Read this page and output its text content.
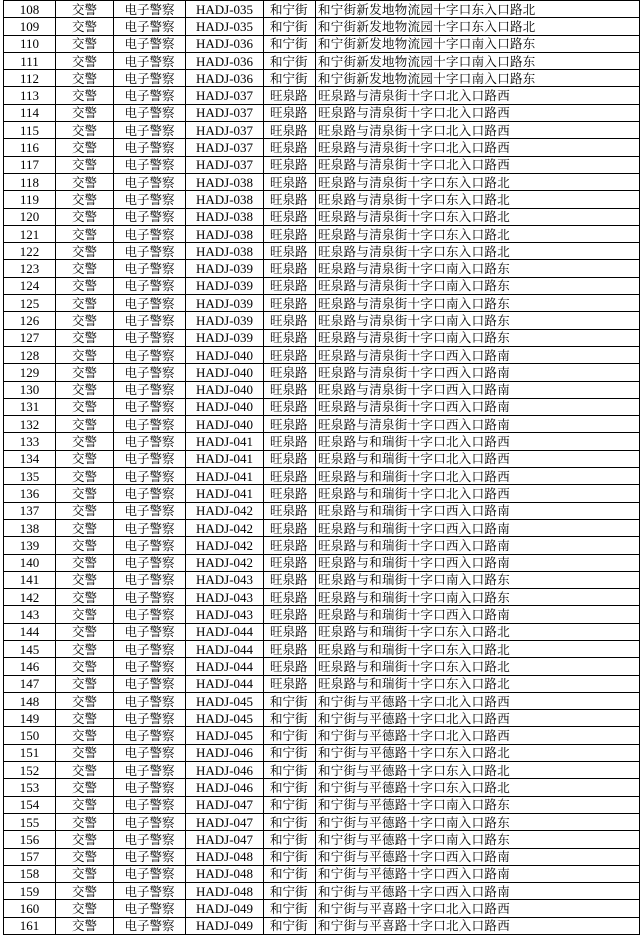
108	交警	电子警察	HADJ-035	和宁街	和宁街新发地物流园十字口东入口路北
109	交警	电子警察	HADJ-035	和宁街	和宁街新发地物流园十字口东入口路北
110	交警	电子警察	HADJ-036	和宁街	和宁街新发地物流园十字口南入口路东
111	交警	电子警察	HADJ-036	和宁街	和宁街新发地物流园十字口南入口路东
112	交警	电子警察	HADJ-036	和宁街	和宁街新发地物流园十字口南入口路东
113	交警	电子警察	HADJ-037	旺泉路	旺泉路与清泉街十字口北入口路西
114	交警	电子警察	HADJ-037	旺泉路	旺泉路与清泉街十字口北入口路西
115	交警	电子警察	HADJ-037	旺泉路	旺泉路与清泉街十字口北入口路西
116	交警	电子警察	HADJ-037	旺泉路	旺泉路与清泉街十字口北入口路西
117	交警	电子警察	HADJ-037	旺泉路	旺泉路与清泉街十字口北入口路西
118	交警	电子警察	HADJ-038	旺泉路	旺泉路与清泉街十字口东入口路北
119	交警	电子警察	HADJ-038	旺泉路	旺泉路与清泉街十字口东入口路北
120	交警	电子警察	HADJ-038	旺泉路	旺泉路与清泉街十字口东入口路北
121	交警	电子警察	HADJ-038	旺泉路	旺泉路与清泉街十字口东入口路北
122	交警	电子警察	HADJ-038	旺泉路	旺泉路与清泉街十字口东入口路北
123	交警	电子警察	HADJ-039	旺泉路	旺泉路与清泉街十字口南入口路东
124	交警	电子警察	HADJ-039	旺泉路	旺泉路与清泉街十字口南入口路东
125	交警	电子警察	HADJ-039	旺泉路	旺泉路与清泉街十字口南入口路东
126	交警	电子警察	HADJ-039	旺泉路	旺泉路与清泉街十字口南入口路东
127	交警	电子警察	HADJ-039	旺泉路	旺泉路与清泉街十字口南入口路东
128	交警	电子警察	HADJ-040	旺泉路	旺泉路与清泉街十字口西入口路南
129	交警	电子警察	HADJ-040	旺泉路	旺泉路与清泉街十字口西入口路南
130	交警	电子警察	HADJ-040	旺泉路	旺泉路与清泉街十字口西入口路南
131	交警	电子警察	HADJ-040	旺泉路	旺泉路与清泉街十字口西入口路南
132	交警	电子警察	HADJ-040	旺泉路	旺泉路与清泉街十字口西入口路南
133	交警	电子警察	HADJ-041	旺泉路	旺泉路与和瑞街十字口北入口路西
134	交警	电子警察	HADJ-041	旺泉路	旺泉路与和瑞街十字口北入口路西
135	交警	电子警察	HADJ-041	旺泉路	旺泉路与和瑞街十字口北入口路西
136	交警	电子警察	HADJ-041	旺泉路	旺泉路与和瑞街十字口北入口路西
137	交警	电子警察	HADJ-042	旺泉路	旺泉路与和瑞街十字口西入口路南
138	交警	电子警察	HADJ-042	旺泉路	旺泉路与和瑞街十字口西入口路南
139	交警	电子警察	HADJ-042	旺泉路	旺泉路与和瑞街十字口西入口路南
140	交警	电子警察	HADJ-042	旺泉路	旺泉路与和瑞街十字口西入口路南
141	交警	电子警察	HADJ-043	旺泉路	旺泉路与和瑞街十字口南入口路东
142	交警	电子警察	HADJ-043	旺泉路	旺泉路与和瑞街十字口南入口路东
143	交警	电子警察	HADJ-043	旺泉路	旺泉路与和瑞街十字口西入口路南
144	交警	电子警察	HADJ-044	旺泉路	旺泉路与和瑞街十字口东入口路北
145	交警	电子警察	HADJ-044	旺泉路	旺泉路与和瑞街十字口东入口路北
146	交警	电子警察	HADJ-044	旺泉路	旺泉路与和瑞街十字口东入口路北
147	交警	电子警察	HADJ-044	旺泉路	旺泉路与和瑞街十字口东入口路北
148	交警	电子警察	HADJ-045	和宁街	和宁街与平德路十字口北入口路西
149	交警	电子警察	HADJ-045	和宁街	和宁街与平德路十字口北入口路西
150	交警	电子警察	HADJ-045	和宁街	和宁街与平德路十字口北入口路西
151	交警	电子警察	HADJ-046	和宁街	和宁街与平德路十字口东入口路北
152	交警	电子警察	HADJ-046	和宁街	和宁街与平德路十字口东入口路北
153	交警	电子警察	HADJ-046	和宁街	和宁街与平德路十字口东入口路北
154	交警	电子警察	HADJ-047	和宁街	和宁街与平德路十字口南入口路东
155	交警	电子警察	HADJ-047	和宁街	和宁街与平德路十字口南入口路东
156	交警	电子警察	HADJ-047	和宁街	和宁街与平德路十字口南入口路东
157	交警	电子警察	HADJ-048	和宁街	和宁街与平德路十字口西入口路南
158	交警	电子警察	HADJ-048	和宁街	和宁街与平德路十字口西入口路南
159	交警	电子警察	HADJ-048	和宁街	和宁街与平德路十字口西入口路南
160	交警	电子警察	HADJ-049	和宁街	和宁街与平喜路十字口北入口路西
161	交警	电子警察	HADJ-049	和宁街	和宁街与平喜路十字口北入口路西
